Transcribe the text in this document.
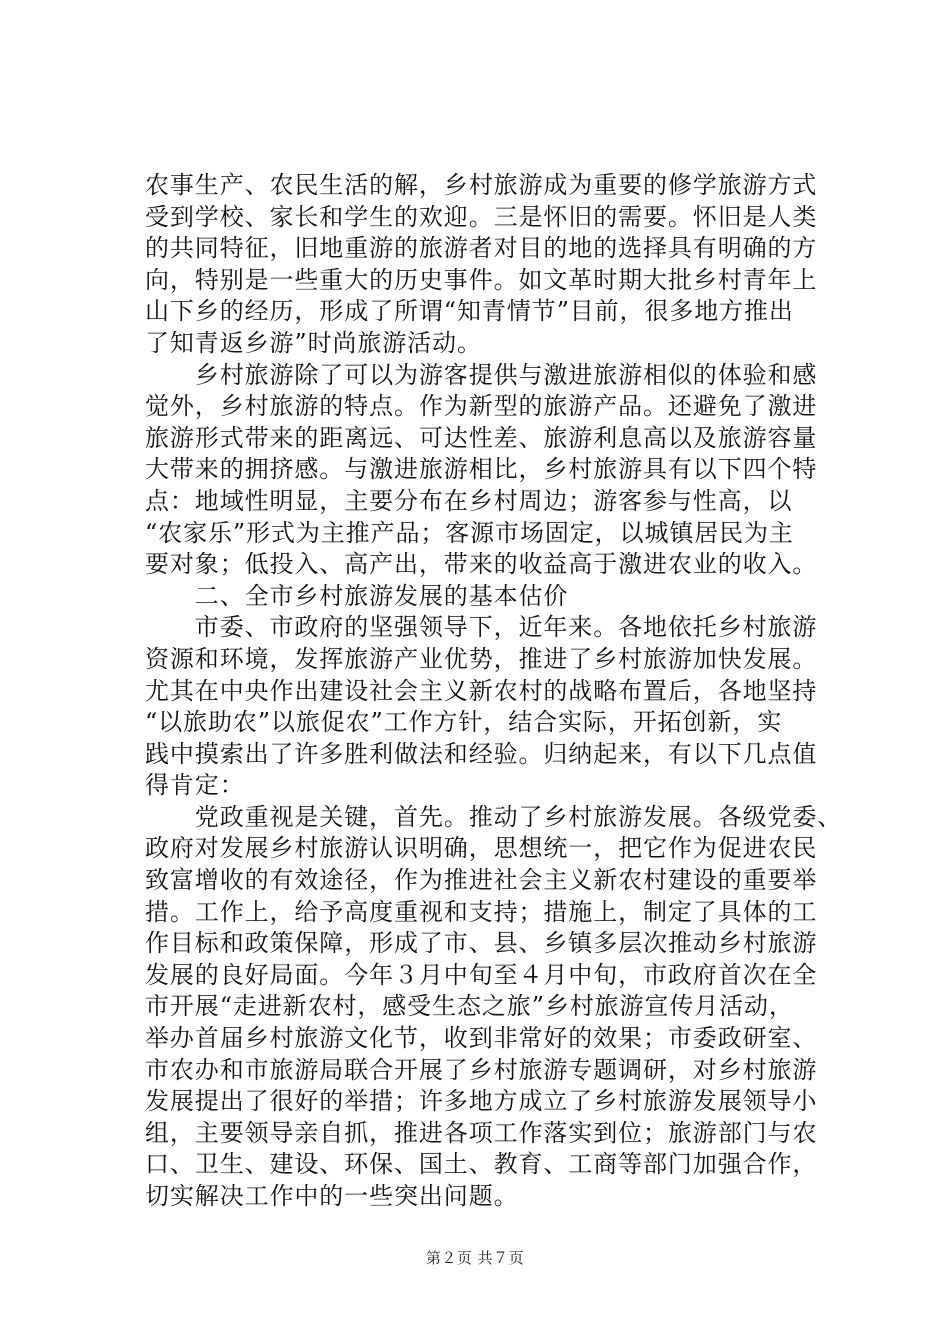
农事生产、农民生活的解，乡村旅游成为重要的修学旅游方式
受到学校、家长和学生的欢迎。三是怀旧的需要。怀旧是人类
的共同特征，旧地重游的旅游者对目的地的选择具有明确的方
向，特别是一些重大的历史事件。如文革时期大批乡村青年上
山下乡的经历，形成了所谓“知青情节”目前，很多地方推出
了知青返乡游”时尚旅游活动。
　　乡村旅游除了可以为游客提供与激进旅游相似的体验和感
觉外，乡村旅游的特点。作为新型的旅游产品。还避免了激进
旅游形式带来的距离远、可达性差、旅游利息高以及旅游容量
大带来的拥挤感。与激进旅游相比，乡村旅游具有以下四个特
点：地域性明显，主要分布在乡村周边；游客参与性高，以
“农家乐”形式为主推产品；客源市场固定，以城镇居民为主
要对象；低投入、高产出，带来的收益高于激进农业的收入。
　　二、全市乡村旅游发展的基本估价
　　市委、市政府的坚强领导下，近年来。各地依托乡村旅游
资源和环境，发挥旅游产业优势，推进了乡村旅游加快发展。
尤其在中央作出建设社会主义新农村的战略布置后，各地坚持
“以旅助农”以旅促农”工作方针，结合实际，开拓创新，实
践中摸索出了许多胜利做法和经验。归纳起来，有以下几点值
得肯定：
　　党政重视是关键，首先。推动了乡村旅游发展。各级党委、
政府对发展乡村旅游认识明确，思想统一，把它作为促进农民
致富增收的有效途径，作为推进社会主义新农村建设的重要举
措。工作上，给予高度重视和支持；措施上，制定了具体的工
作目标和政策保障，形成了市、县、乡镇多层次推动乡村旅游
发展的良好局面。今年３月中旬至４月中旬，市政府首次在全
市开展“走进新农村，感受生态之旅”乡村旅游宣传月活动，
举办首届乡村旅游文化节，收到非常好的效果；市委政研室、
市农办和市旅游局联合开展了乡村旅游专题调研，对乡村旅游
发展提出了很好的举措；许多地方成立了乡村旅游发展领导小
组，主要领导亲自抓，推进各项工作落实到位；旅游部门与农
口、卫生、建设、环保、国土、教育、工商等部门加强合作，
切实解决工作中的一些突出问题。
第２页 共７页
